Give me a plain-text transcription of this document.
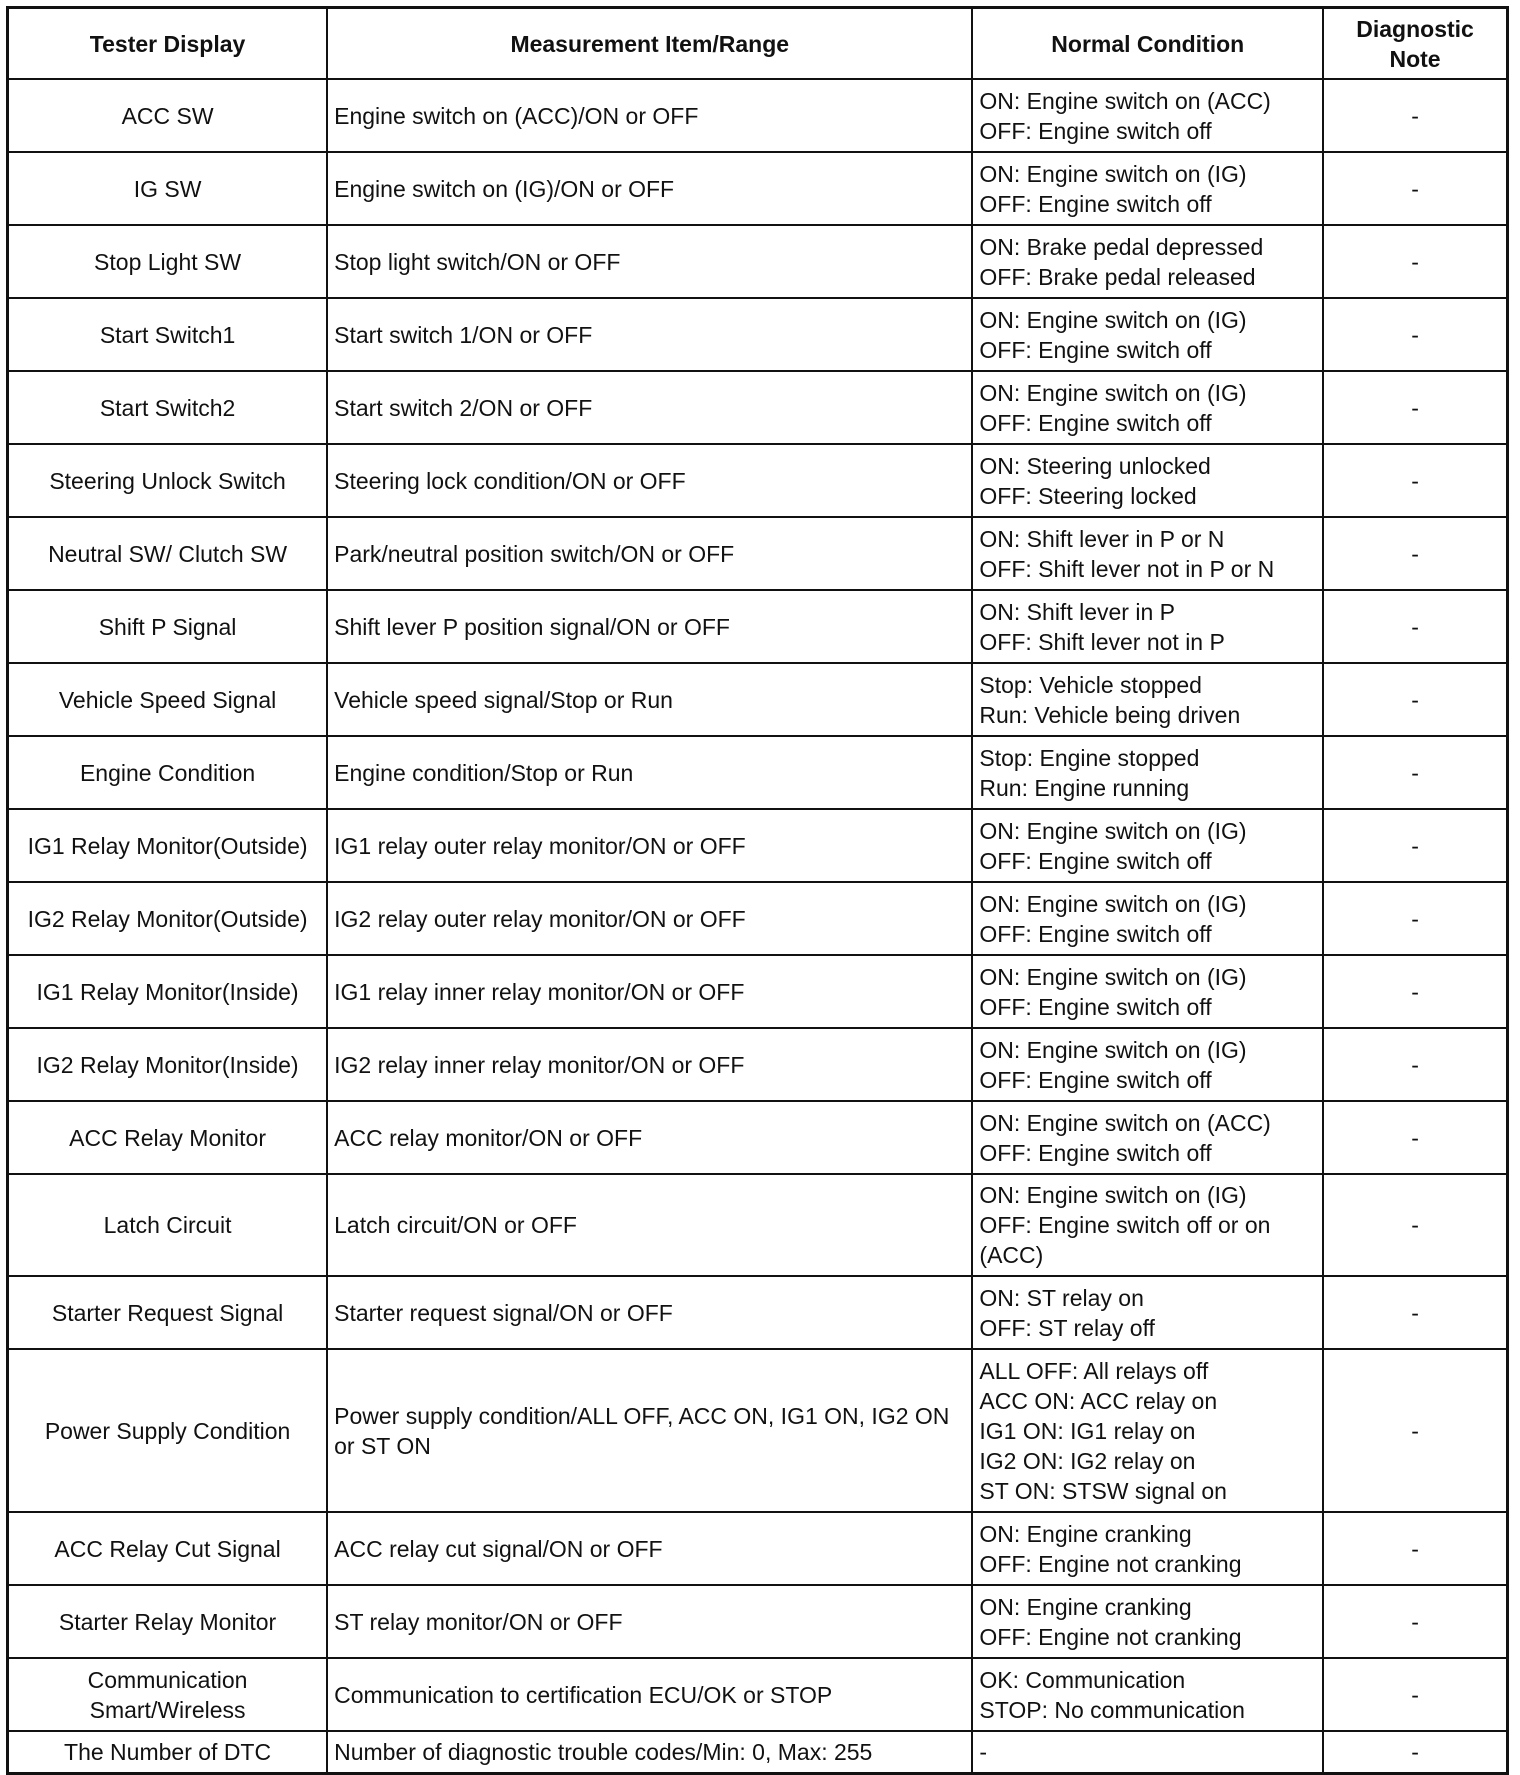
Tester Display	Measurement Item/Range	Normal Condition	Diagnostic Note
ACC SW	Engine switch on (ACC)/ON or OFF	ON: Engine switch on (ACC)
OFF: Engine switch off	-
IG SW	Engine switch on (IG)/ON or OFF	ON: Engine switch on (IG)
OFF: Engine switch off	-
Stop Light SW	Stop light switch/ON or OFF	ON: Brake pedal depressed
OFF: Brake pedal released	-
Start Switch1	Start switch 1/ON or OFF	ON: Engine switch on (IG)
OFF: Engine switch off	-
Start Switch2	Start switch 2/ON or OFF	ON: Engine switch on (IG)
OFF: Engine switch off	-
Steering Unlock Switch	Steering lock condition/ON or OFF	ON: Steering unlocked
OFF: Steering locked	-
Neutral SW/ Clutch SW	Park/neutral position switch/ON or OFF	ON: Shift lever in P or N
OFF: Shift lever not in P or N	-
Shift P Signal	Shift lever P position signal/ON or OFF	ON: Shift lever in P
OFF: Shift lever not in P	-
Vehicle Speed Signal	Vehicle speed signal/Stop or Run	Stop: Vehicle stopped
Run: Vehicle being driven	-
Engine Condition	Engine condition/Stop or Run	Stop: Engine stopped
Run: Engine running	-
IG1 Relay Monitor(Outside)	IG1 relay outer relay monitor/ON or OFF	ON: Engine switch on (IG)
OFF: Engine switch off	-
IG2 Relay Monitor(Outside)	IG2 relay outer relay monitor/ON or OFF	ON: Engine switch on (IG)
OFF: Engine switch off	-
IG1 Relay Monitor(Inside)	IG1 relay inner relay monitor/ON or OFF	ON: Engine switch on (IG)
OFF: Engine switch off	-
IG2 Relay Monitor(Inside)	IG2 relay inner relay monitor/ON or OFF	ON: Engine switch on (IG)
OFF: Engine switch off	-
ACC Relay Monitor	ACC relay monitor/ON or OFF	ON: Engine switch on (ACC)
OFF: Engine switch off	-
Latch Circuit	Latch circuit/ON or OFF	ON: Engine switch on (IG)
OFF: Engine switch off or on
(ACC)	-
Starter Request Signal	Starter request signal/ON or OFF	ON: ST relay on
OFF: ST relay off	-
Power Supply Condition	Power supply condition/ALL OFF, ACC ON, IG1 ON, IG2 ON or ST ON	ALL OFF: All relays off
ACC ON: ACC relay on
IG1 ON: IG1 relay on
IG2 ON: IG2 relay on
ST ON: STSW signal on	-
ACC Relay Cut Signal	ACC relay cut signal/ON or OFF	ON: Engine cranking
OFF: Engine not cranking	-
Starter Relay Monitor	ST relay monitor/ON or OFF	ON: Engine cranking
OFF: Engine not cranking	-
Communication Smart/Wireless	Communication to certification ECU/OK or STOP	OK: Communication
STOP: No communication	-
The Number of DTC	Number of diagnostic trouble codes/Min: 0, Max: 255	-	-
